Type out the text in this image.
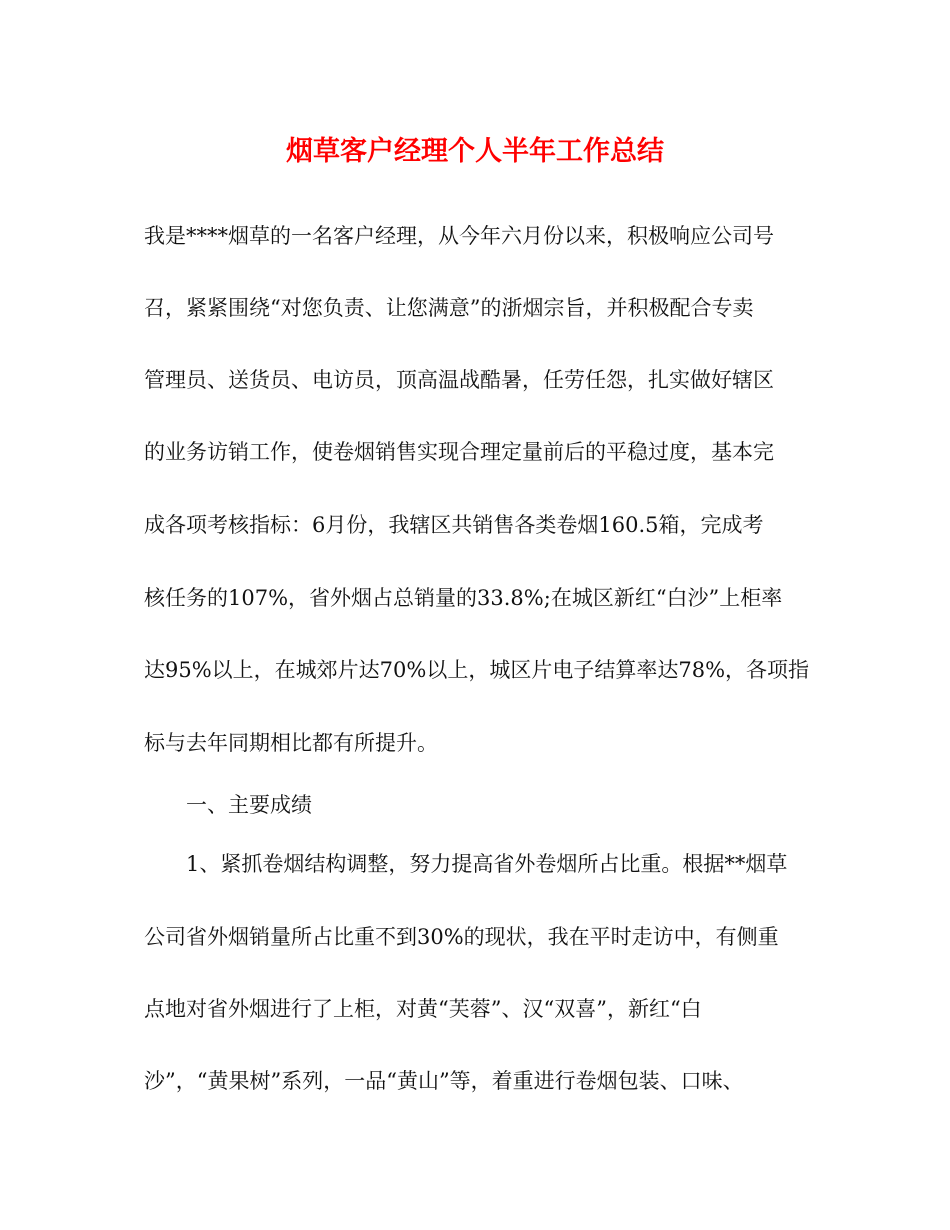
烟草客户经理个人半年工作总结

我是****烟草的一名客户经理，从今年六月份以来，积极响应公司号

召，紧紧围绕“对您负责、让您满意”的浙烟宗旨，并积极配合专卖

管理员、送货员、电访员，顶高温战酷暑，任劳任怨，扎实做好辖区

的业务访销工作，使卷烟销售实现合理定量前后的平稳过度，基本完

成各项考核指标：6月份，我辖区共销售各类卷烟160.5箱，完成考

核任务的107%，省外烟占总销量的33.8%;在城区新红“白沙”上柜率

达95%以上，在城郊片达70%以上，城区片电子结算率达78%，各项指

标与去年同期相比都有所提升。

一、主要成绩

1、紧抓卷烟结构调整，努力提高省外卷烟所占比重。根据**烟草

公司省外烟销量所占比重不到30%的现状，我在平时走访中，有侧重

点地对省外烟进行了上柜，对黄“芙蓉”、汉“双喜”，新红“白

沙”，“黄果树”系列，一品“黄山”等，着重进行卷烟包装、口味、
